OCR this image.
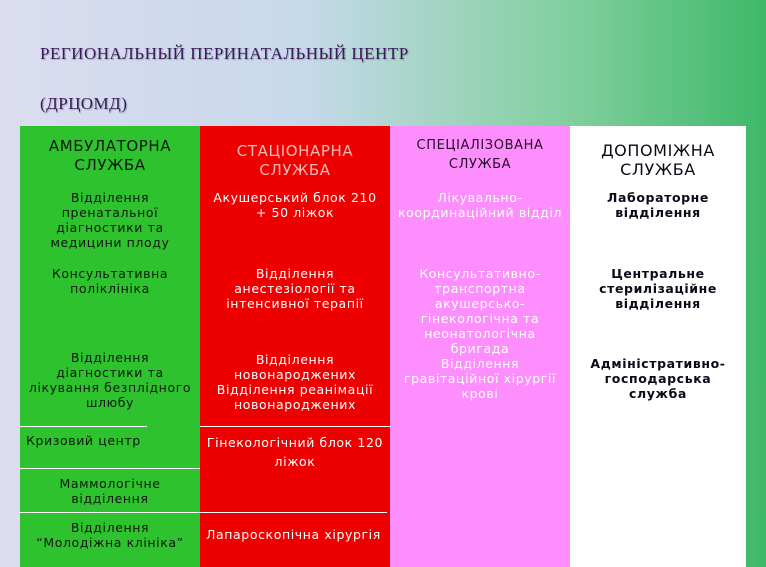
РЕГИОНАЛЬНЫЙ ПЕРИНАТАЛЬНЫЙ ЦЕНТР
(ДРЦОМД)
АМБУЛАТОРНА СЛУЖБА
Відділення пренатальної діагностики та медицини плоду
Консультативна поліклініка
Відділення діагностики та лікування безплідного шлюбу
Кризовий центр
Маммологічне відділення
Відділення “Молодіжна клініка”
СТАЦІОНАРНА СЛУЖБА
Акушерський блок 210 + 50 ліжок
Відділення анестезіології та інтенсивної терапії
Відділення новонароджених Відділення реанімації новонароджених
Гінекологічний блок 120 ліжок
Лапароскопічна хірургія
СПЕЦІАЛІЗОВАНА СЛУЖБА
Лікувально-координаційний відділ
Консультативно-транспортна акушерсько-гінекологічна та неонатологічна бригада
Відділення гравітаційної хірургії крові
ДОПОМІЖНА СЛУЖБА
Лабораторне відділення
Центральне стерилізаційне відділення
Адміністративно-господарська служба
